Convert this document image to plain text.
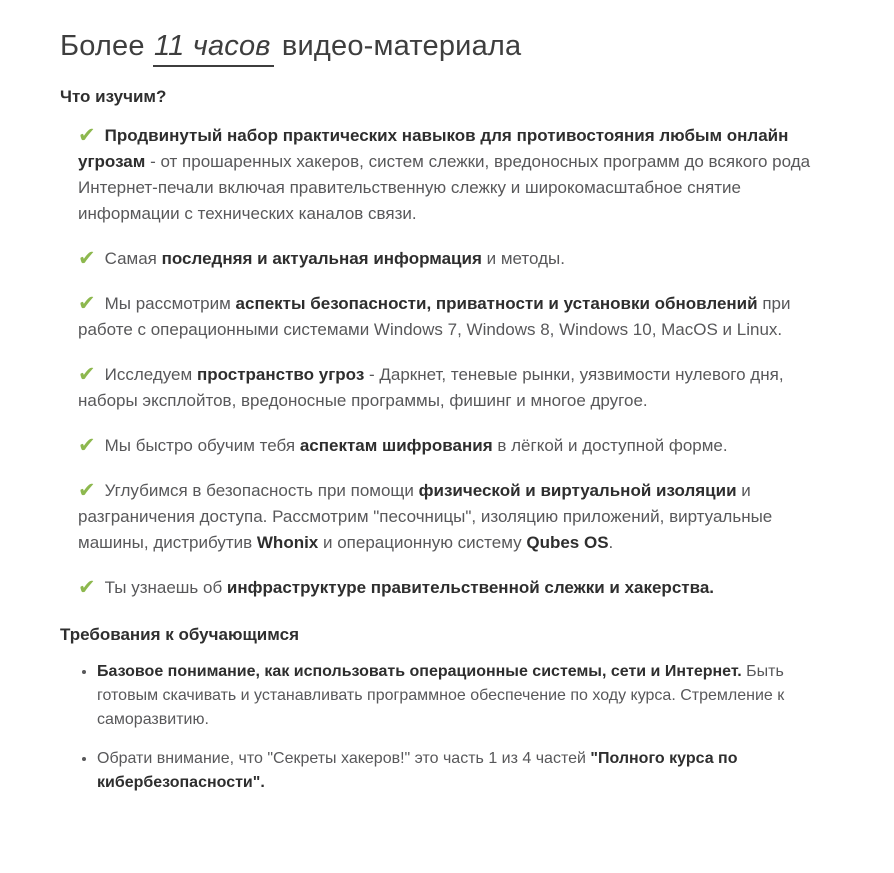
Более 11 часов видео-материала
Что изучим?
✔ Продвинутый набор практических навыков для противостояния любым онлайн угрозам - от прошаренных хакеров, систем слежки, вредоносных программ до всякого рода Интернет-печали включая правительственную слежку и широкомасштабное снятие информации с технических каналов связи.
✔ Самая последняя и актуальная информация и методы.
✔ Мы рассмотрим аспекты безопасности, приватности и установки обновлений при работе с операционными системами Windows 7, Windows 8, Windows 10, MacOS и Linux.
✔ Исследуем пространство угроз - Даркнет, теневые рынки, уязвимости нулевого дня, наборы эксплойтов, вредоносные программы, фишинг и многое другое.
✔ Мы быстро обучим тебя аспектам шифрования в лёгкой и доступной форме.
✔ Углубимся в безопасность при помощи физической и виртуальной изоляции и разграничения доступа. Рассмотрим "песочницы", изоляцию приложений, виртуальные машины, дистрибутив Whonix и операционную систему Qubes OS.
✔ Ты узнаешь об инфраструктуре правительственной слежки и хакерства.
Требования к обучающимся
• Базовое понимание, как использовать операционные системы, сети и Интернет. Быть готовым скачивать и устанавливать программное обеспечение по ходу курса. Стремление к саморазвитию.
• Обрати внимание, что "Секреты хакеров!" это часть 1 из 4 частей "Полного курса по кибербезопасности".
